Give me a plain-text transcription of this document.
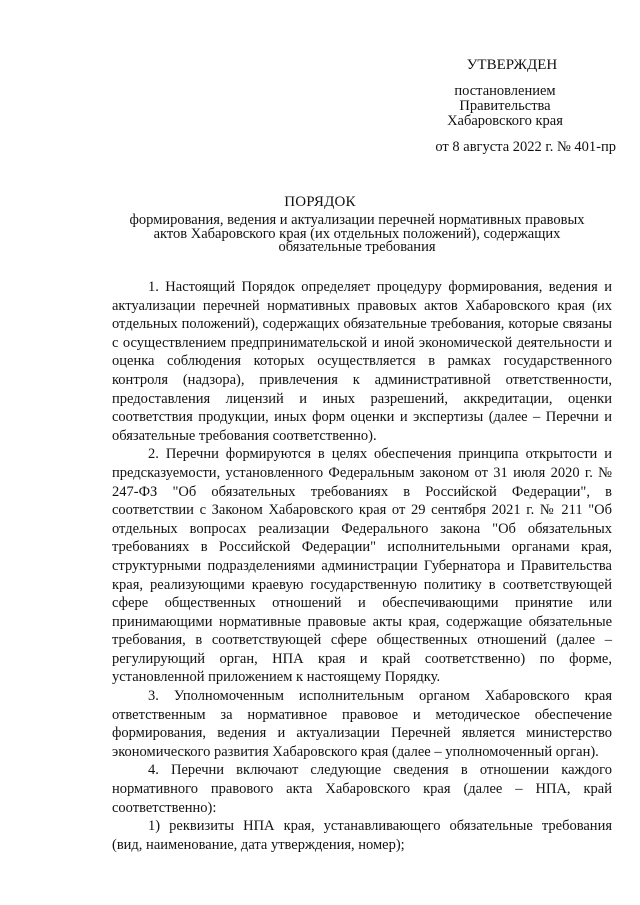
УТВЕРЖДЕН
постановлением
Правительства
Хабаровского края
от 8 августа 2022 г. № 401-пр
ПОРЯДОК
формирования, ведения и актуализации перечней нормативных правовых актов Хабаровского края (их отдельных положений), содержащих обязательные требования

1. Настоящий Порядок определяет процедуру формирования, ведения и актуализации перечней нормативных правовых актов Хабаровского края (их отдельных положений), содержащих обязательные требования, которые связаны с осуществлением предпринимательской и иной экономической деятельности и оценка соблюдения которых осуществляется в рамках государственного контроля (надзора), привлечения к административной ответственности, предоставления лицензий и иных разрешений, аккредитации, оценки соответствия продукции, иных форм оценки и экспертизы (далее – Перечни и обязательные требования соответственно).

2. Перечни формируются в целях обеспечения принципа открытости и предсказуемости, установленного Федеральным законом от 31 июля 2020 г. № 247-ФЗ "Об обязательных требованиях в Российской Федерации", в соответствии с Законом Хабаровского края от 29 сентября 2021 г. № 211 "Об отдельных вопросах реализации Федерального закона "Об обязательных требованиях в Российской Федерации" исполнительными органами края, структурными подразделениями администрации Губернатора и Правительства края, реализующими краевую государственную политику в соответствующей сфере общественных отношений и обеспечивающими принятие или принимающими нормативные правовые акты края, содержащие обязательные требования, в соответствующей сфере общественных отношений (далее – регулирующий орган, НПА края и край соответственно) по форме, установленной приложением к настоящему Порядку.

3. Уполномоченным исполнительным органом Хабаровского края ответственным за нормативное правовое и методическое обеспечение формирования, ведения и актуализации Перечней является министерство экономического развития Хабаровского края (далее – уполномоченный орган).

4. Перечни включают следующие сведения в отношении каждого нормативного правового акта Хабаровского края (далее – НПА, край соответственно):

1) реквизиты НПА края, устанавливающего обязательные требования (вид, наименование, дата утверждения, номер);
